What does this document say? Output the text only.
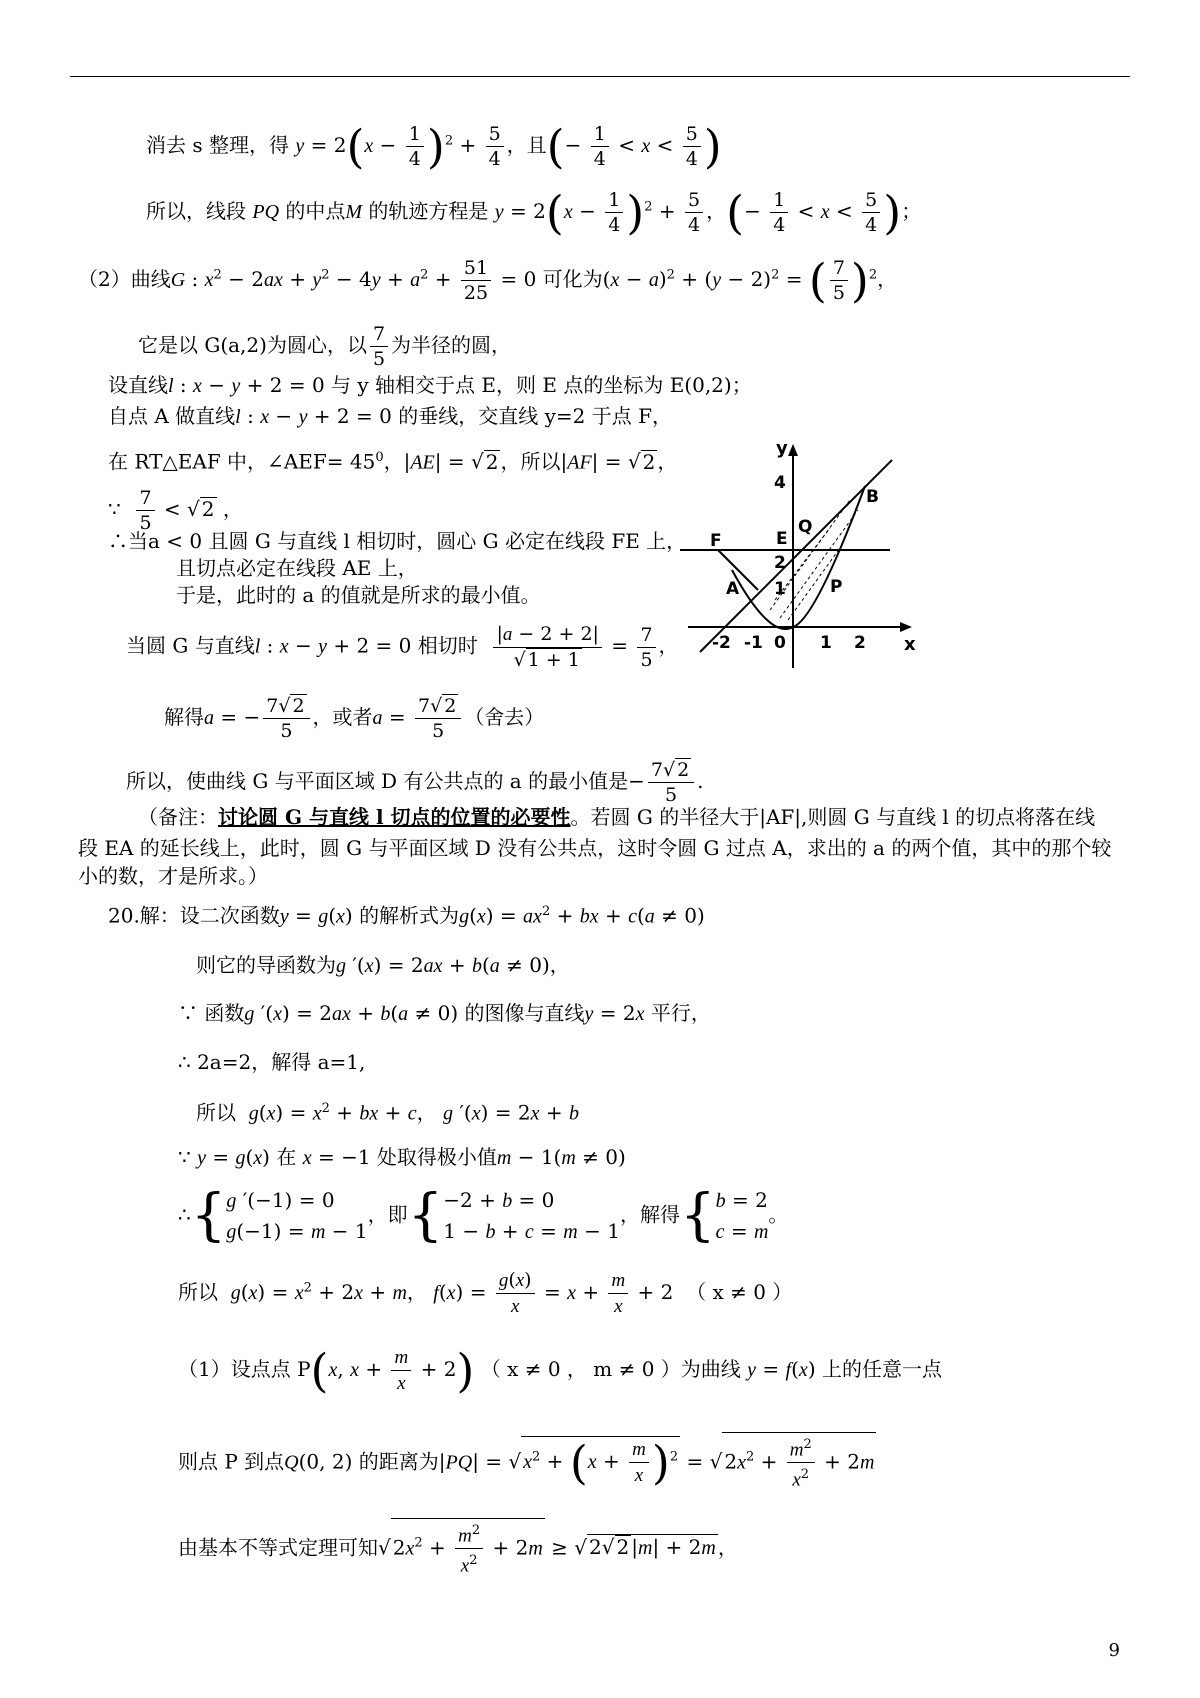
消去 s 整理，得 $y = 2(x - \frac{1}{4} )^2 + \frac{5}{4}$ ，且(− $\frac{1}{4} < x < \frac{5}{4}$ )
所以，线段 PQ 的中点M 的轨迹方程是 $y = 2(x - \frac{1}{4} )^2 + \frac{5}{4}$ ，(− $\frac{1}{4} < x < \frac{5}{4}$ )；
（2）曲线G : $x^2 - 2ax + y^2 - 4y + a^2 + \frac{51}{25} = 0$ 可化为$(x - a)^2 + (y - 2)^2$ = ( $\frac{7}{5} )^2$，
它是以 G(a,2)为圆心，以 $\frac{7}{5}$ 为半径的圆，
设直线l : x − y + 2 = 0 与 y 轴相交于点 E，则 E 点的坐标为 E(0,2)；
自点 A 做直线l : x − y + 2 = 0 的垂线，交直线 y=2 于点 F，
在 RT△EAF 中，∠AEF= $45^0$，|AE| = √ 2 ，所以|AF| = √ 2 ，
∵ $\frac{7}{5}$ < √ 2 ，
∴当a < 0 且圆 G 与直线 l 相切时，圆心 G 必定在线段 FE 上，
且切点必定在线段 AE 上，
于是，此时的 a 的值就是所求的最小值。
当圆 G 与直线l : x − y + 2 = 0 相切时 $\frac{|a - 2 + 2|}{√ 1 + 1} = \frac{7}{5}$ ，
解得a = − $\frac{7√ 2}{5}$ ，或者$a = \frac{7√ 2}{5}$ （舍去）
所以，使曲线 G 与平面区域 D 有公共点的 a 的最小值是− $\frac{7√ 2}{5}$ .
（备注：讨论圆 G 与直线 l 切点的位置的必要性。若圆 G 的半径大于|AF|,则圆 G 与直线 l 的切点将落在线
段 EA 的延长线上，此时，圆 G 与平面区域 D 没有公共点，这时令圆 G 过点 A，求出的 a 的两个值，其中的那个较
小的数，才是所求。）
20.解：设二次函数y = g(x) 的解析式为$g(x) = ax^2$ + bx + c(a ≠ 0)
则它的导函数为g ′(x) = 2ax + b(a ≠ 0)，
∵ 函数g ′(x) = 2ax + b(a ≠ 0) 的图像与直线y = 2x 平行，
∴ 2a=2，解得 a=1,
所以 $g(x) = x^2$ + bx + c， g ′(x) = 2x + b
∵ y = g(x) 在 x = −1 处取得极小值m − 1(m ≠ 0)
∴{ g ′(−1) = 0
g(−1) = m − 1
，即{ −2 + b = 0
1 − b + c = m − 1
，解得{ b = 2
c = m
。
所以 $g(x) = x^2 + 2x + m$， $f(x) = \frac{g(x)}{x} = x + \frac{m}{x} + 2$  （ x ≠ 0 ）
（1）设点点 P(x, $x + \frac{m}{x} + 2$) （ x ≠ 0 ， m ≠ 0 ）为曲线 y = f(x) 上的任意一点
则点 P 到点Q(0, 2) 的距离为|PQ| = √ $x^2 + (x + \frac{m}{x} )^2$ = √ $2x^2 + \frac{m^2}{x^2} + 2m$
由基本不等式定理可知√ $2x^2 + \frac{m^2}{x^2} + 2m$ ≥ √ 2√ 2 |m| + 2m ，
y
x
F	E
Q
B
A	P
2
1
4
0
-2 -1	1 2
9
